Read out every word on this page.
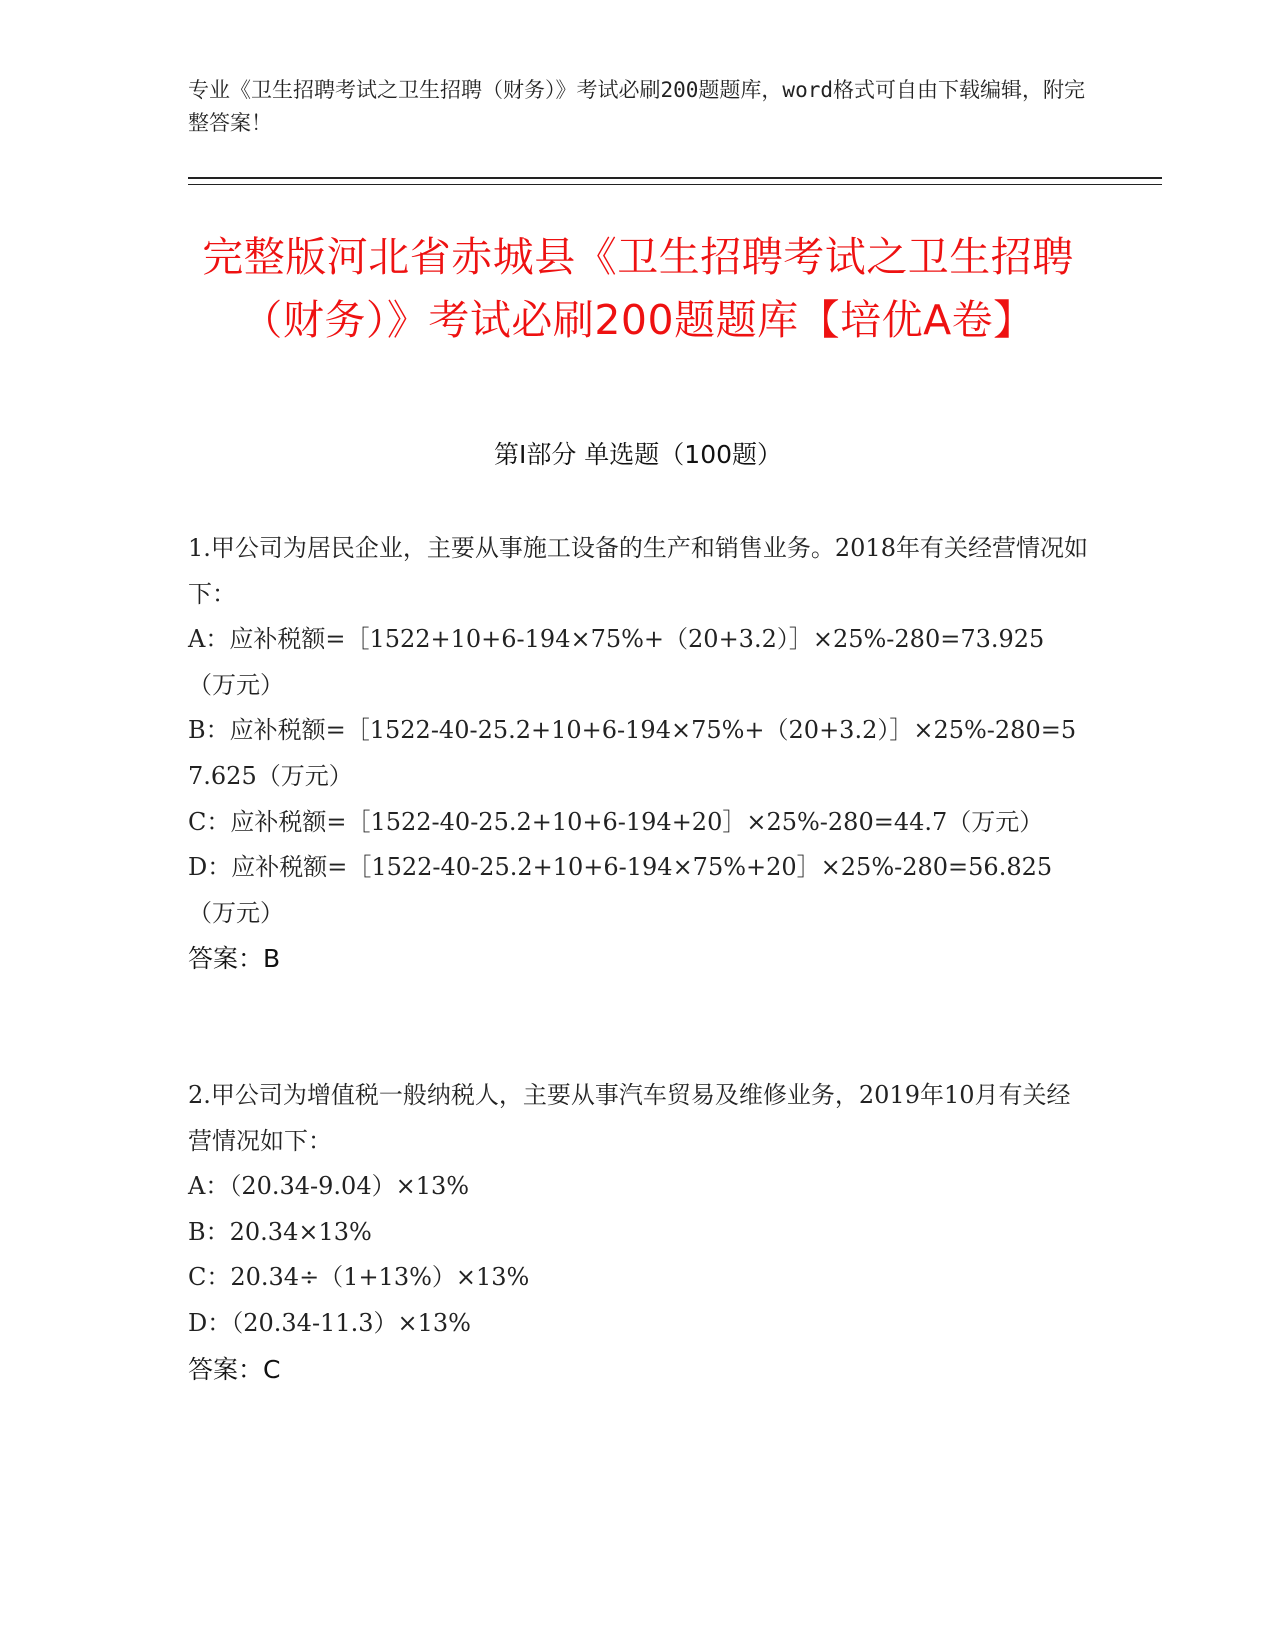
专业《卫生招聘考试之卫生招聘（财务）》考试必刷200题题库，word格式可自由下载编辑，附完整答案！
完整版河北省赤城县《卫生招聘考试之卫生招聘（财务）》考试必刷200题题库【培优A卷】
第Ⅰ部分 单选题（100题）
1.甲公司为居民企业，主要从事施工设备的生产和销售业务。2018年有关经营情况如下：
A：应补税额=［1522+10+6-194×75%+（20+3.2）］×25%-280=73.925（万元）
B：应补税额=［1522-40-25.2+10+6-194×75%+（20+3.2）］×25%-280=57.625（万元）
C：应补税额=［1522-40-25.2+10+6-194+20］×25%-280=44.7（万元）
D：应补税额=［1522-40-25.2+10+6-194×75%+20］×25%-280=56.825（万元）
答案：B
2.甲公司为增值税一般纳税人，主要从事汽车贸易及维修业务，2019年10月有关经营情况如下：
A：（20.34-9.04）×13%
B：20.34×13%
C：20.34÷（1+13%）×13%
D：（20.34-11.3）×13%
答案：C
